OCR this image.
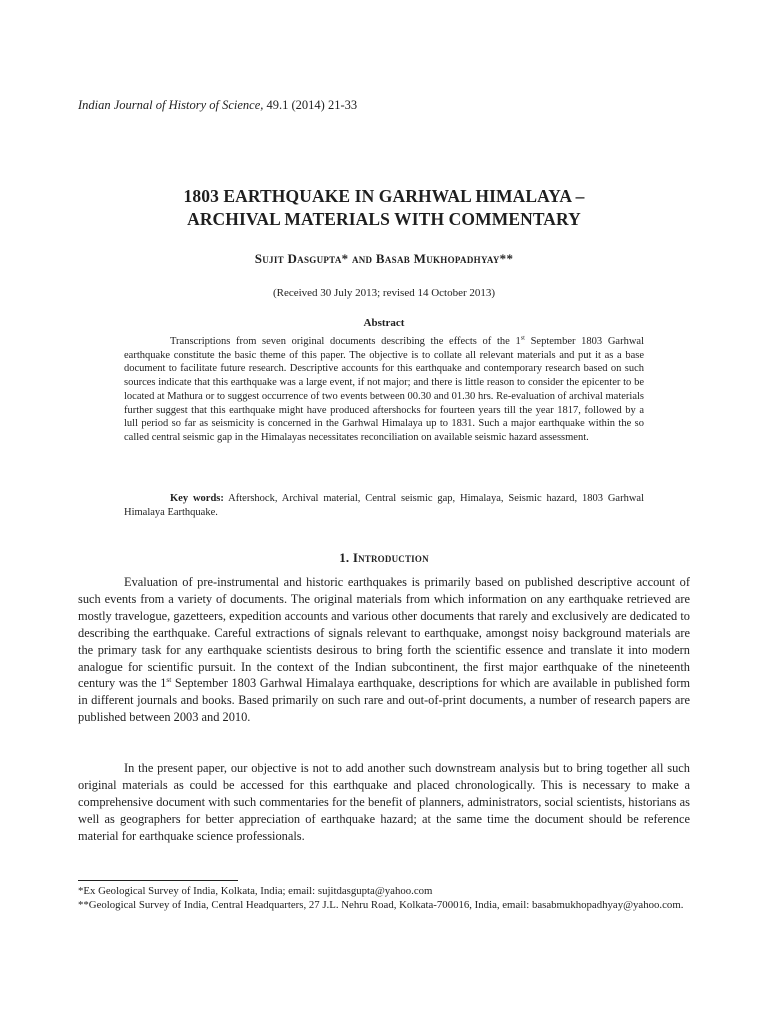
Indian Journal of History of Science, 49.1 (2014) 21-33
1803 EARTHQUAKE IN GARHWAL HIMALAYA –
ARCHIVAL MATERIALS WITH COMMENTARY
Sujit Dasgupta* and Basab Mukhopadhyay**
(Received 30 July 2013; revised 14 October 2013)
Abstract
Transcriptions from seven original documents describing the effects of the 1st September 1803 Garhwal earthquake constitute the basic theme of this paper. The objective is to collate all relevant materials and put it as a base document to facilitate future research. Descriptive accounts for this earthquake and contemporary research based on such sources indicate that this earthquake was a large event, if not major; and there is little reason to consider the epicenter to be located at Mathura or to suggest occurrence of two events between 00.30 and 01.30 hrs. Re-evaluation of archival materials further suggest that this earthquake might have produced aftershocks for fourteen years till the year 1817, followed by a lull period so far as seismicity is concerned in the Garhwal Himalaya up to 1831. Such a major earthquake within the so called central seismic gap in the Himalayas necessitates reconciliation on available seismic hazard assessment.
Key words: Aftershock, Archival material, Central seismic gap, Himalaya, Seismic hazard, 1803 Garhwal Himalaya Earthquake.
1. Introduction
Evaluation of pre-instrumental and historic earthquakes is primarily based on published descriptive account of such events from a variety of documents. The original materials from which information on any earthquake retrieved are mostly travelogue, gazetteers, expedition accounts and various other documents that rarely and exclusively are dedicated to describing the earthquake. Careful extractions of signals relevant to earthquake, amongst noisy background materials are the primary task for any earthquake scientists desirous to bring forth the scientific essence and translate it into modern analogue for scientific pursuit. In the context of the Indian subcontinent, the first major earthquake of the nineteenth century was the 1st September 1803 Garhwal Himalaya earthquake, descriptions for which are available in published form in different journals and books. Based primarily on such rare and out-of-print documents, a number of research papers are published between 2003 and 2010.
In the present paper, our objective is not to add another such downstream analysis but to bring together all such original materials as could be accessed for this earthquake and placed chronologically. This is necessary to make a comprehensive document with such commentaries for the benefit of planners, administrators, social scientists, historians as well as geographers for better appreciation of earthquake hazard; at the same time the document should be reference material for earthquake science professionals.
*Ex Geological Survey of India, Kolkata, India; email: sujitdasgupta@yahoo.com
**Geological Survey of India, Central Headquarters, 27 J.L. Nehru Road, Kolkata-700016, India, email: basabmukhopadhyay@yahoo.com.
